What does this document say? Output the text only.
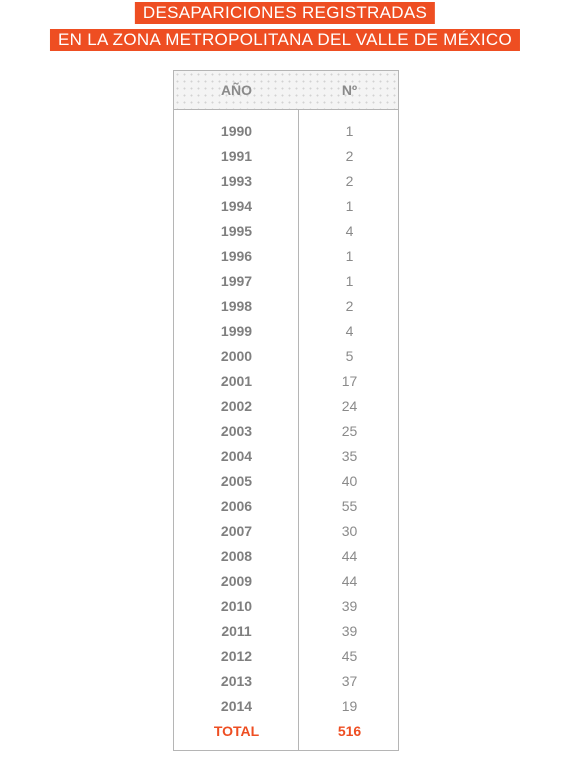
DESAPARICIONES REGISTRADAS
EN LA ZONA METROPOLITANA DEL VALLE DE MÉXICO
AÑO	Nº
1990	1
1991	2
1993	2
1994	1
1995	4
1996	1
1997	1
1998	2
1999	4
2000	5
2001	17
2002	24
2003	25
2004	35
2005	40
2006	55
2007	30
2008	44
2009	44
2010	39
2011	39
2012	45
2013	37
2014	19
TOTAL	516
